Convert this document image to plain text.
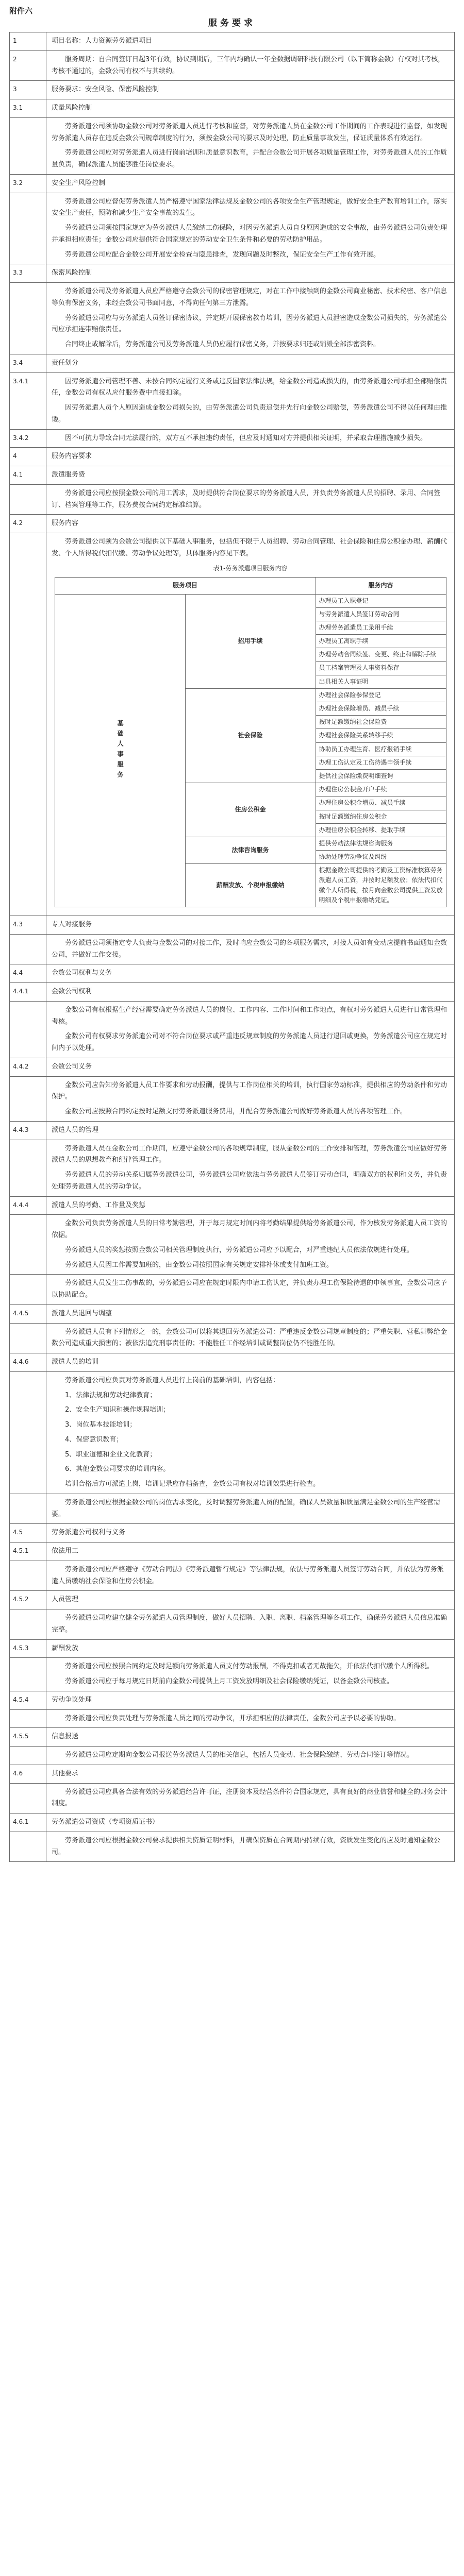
附件六
服务要求
1	项目名称：人力资源劳务派遣项目

2	服务周期：自合同签订日起3年有效，协议到期后，三年内均确认一年全数据调研科技有限公司（以下简称金数）有权对其考核，考核不通过的，金数公司有权不与其续约。

3	服务要求：安全风险、保密风险控制

3.1	质量风险控制

劳务派遣公司须协助金数公司对劳务派遣人员进行考核和监督，对劳务派遣人员在金数公司工作期间的工作表现进行监督，如发现劳务派遣人员存在违反金数公司规章制度的行为，须按金数公司的要求及时处理，防止质量事故发生，保证质量体系有效运行。

劳务派遣公司应对劳务派遣人员进行岗前培训和质量意识教育，并配合金数公司开展各项质量管理工作，对劳务派遣人员的工作质量负责，确保派遣人员能够胜任岗位要求。

3.2	安全生产风险控制

劳务派遣公司应督促劳务派遣人员严格遵守国家法律法规及金数公司的各项安全生产管理规定，做好安全生产教育培训工作，落实安全生产责任，预防和减少生产安全事故的发生。

劳务派遣公司须按国家规定为劳务派遣人员缴纳工伤保险，对因劳务派遣人员自身原因造成的安全事故，由劳务派遣公司负责处理并承担相应责任；金数公司应提供符合国家规定的劳动安全卫生条件和必要的劳动防护用品。

劳务派遣公司应配合金数公司开展安全检查与隐患排查，发现问题及时整改，保证安全生产工作有效开展。

3.3	保密风险控制

劳务派遣公司及劳务派遣人员应严格遵守金数公司的保密管理规定，对在工作中接触到的金数公司商业秘密、技术秘密、客户信息等负有保密义务，未经金数公司书面同意，不得向任何第三方泄露。

劳务派遣公司应与劳务派遣人员签订保密协议，并定期开展保密教育培训，因劳务派遣人员泄密造成金数公司损失的，劳务派遣公司应承担连带赔偿责任。

合同终止或解除后，劳务派遣公司及劳务派遣人员仍应履行保密义务，并按要求归还或销毁全部涉密资料。

3.4	责任划分

3.4.1	因劳务派遣公司管理不善、未按合同约定履行义务或违反国家法律法规，给金数公司造成损失的，由劳务派遣公司承担全部赔偿责任，金数公司有权从应付服务费中直接扣除。

因劳务派遣人员个人原因造成金数公司损失的，由劳务派遣公司负责追偿并先行向金数公司赔偿，劳务派遣公司不得以任何理由推诿。

3.4.2	因不可抗力导致合同无法履行的，双方互不承担违约责任，但应及时通知对方并提供相关证明，并采取合理措施减少损失。

4	服务内容要求

4.1	派遣服务费

劳务派遣公司应按照金数公司的用工需求，及时提供符合岗位要求的劳务派遣人员，并负责劳务派遣人员的招聘、录用、合同签订、档案管理等工作，服务费按合同约定标准结算。

4.2	服务内容

劳务派遣公司须为金数公司提供以下基础人事服务，包括但不限于人员招聘、劳动合同管理、社会保险和住房公积金办理、薪酬代发、个人所得税代扣代缴、劳动争议处理等，具体服务内容见下表。

表1-劳务派遣项目服务内容
服务项目	服务内容
基础人事服务	招用手续	办理员工入职登记
与劳务派遣人员签订劳动合同
办理劳务派遣员工录用手续
办理员工离职手续
办理劳动合同续签、变更、终止和解除手续
员工档案管理及人事资料保存
出具相关人事证明
社会保险	办理社会保险参保登记
办理社会保险增员、减员手续
按时足额缴纳社会保险费
办理社会保险关系转移手续
协助员工办理生育、医疗报销手续
办理工伤认定及工伤待遇申领手续
提供社会保险缴费明细查询
住房公积金	办理住房公积金开户手续
办理住房公积金增员、减员手续
按时足额缴纳住房公积金
办理住房公积金转移、提取手续
法律咨询服务	提供劳动法律法规咨询服务
协助处理劳动争议及纠纷
薪酬发放、个税申报缴纳	根据金数公司提供的考勤及工资标准核算劳务派遣人员工资，并按时足额发放；依法代扣代缴个人所得税，按月向金数公司提供工资发放明细及个税申报缴纳凭证。

4.3	专人对接服务

劳务派遣公司须指定专人负责与金数公司的对接工作，及时响应金数公司的各项服务需求，对接人员如有变动应提前书面通知金数公司，并做好工作交接。

4.4	金数公司权利与义务

4.4.1	金数公司权利

金数公司有权根据生产经营需要确定劳务派遣人员的岗位、工作内容、工作时间和工作地点，有权对劳务派遣人员进行日常管理和考核。

金数公司有权要求劳务派遣公司对不符合岗位要求或严重违反规章制度的劳务派遣人员进行退回或更换，劳务派遣公司应在规定时间内予以处理。

4.4.2	金数公司义务

金数公司应告知劳务派遣人员工作要求和劳动报酬，提供与工作岗位相关的培训，执行国家劳动标准，提供相应的劳动条件和劳动保护。

金数公司应按照合同约定按时足额支付劳务派遣服务费用，并配合劳务派遣公司做好劳务派遣人员的各项管理工作。

4.4.3	派遣人员的管理

劳务派遣人员在金数公司工作期间，应遵守金数公司的各项规章制度，服从金数公司的工作安排和管理，劳务派遣公司应做好劳务派遣人员的思想教育和纪律管理工作。

劳务派遣人员的劳动关系归属劳务派遣公司，劳务派遣公司应依法与劳务派遣人员签订劳动合同，明确双方的权利和义务，并负责处理劳务派遣人员的劳动争议。

4.4.4	派遣人员的考勤、工作量及奖惩

金数公司负责劳务派遣人员的日常考勤管理，并于每月规定时间内将考勤结果提供给劳务派遣公司，作为核发劳务派遣人员工资的依据。

劳务派遣人员的奖惩按照金数公司相关管理制度执行，劳务派遣公司应予以配合，对严重违纪人员依法依规进行处理。

劳务派遣人员因工作需要加班的，由金数公司按照国家有关规定安排补休或支付加班工资。

劳务派遣人员发生工伤事故的，劳务派遣公司应在规定时限内申请工伤认定，并负责办理工伤保险待遇的申领事宜，金数公司应予以协助配合。

4.4.5	派遣人员退回与调整

劳务派遣人员有下列情形之一的，金数公司可以将其退回劳务派遣公司：严重违反金数公司规章制度的；严重失职、营私舞弊给金数公司造成重大损害的；被依法追究刑事责任的；不能胜任工作经培训或调整岗位仍不能胜任的。

4.4.6	派遣人员的培训

劳务派遣公司应负责对劳务派遣人员进行上岗前的基础培训，内容包括：

1、法律法规和劳动纪律教育；

2、安全生产知识和操作规程培训；

3、岗位基本技能培训；

4、保密意识教育；

5、职业道德和企业文化教育；

6、其他金数公司要求的培训内容。

培训合格后方可派遣上岗，培训记录应存档备查，金数公司有权对培训效果进行检查。

劳务派遣公司应根据金数公司的岗位需求变化，及时调整劳务派遣人员的配置，确保人员数量和质量满足金数公司的生产经营需要。

4.5	劳务派遣公司权利与义务

4.5.1	依法用工

劳务派遣公司应严格遵守《劳动合同法》《劳务派遣暂行规定》等法律法规，依法与劳务派遣人员签订劳动合同，并依法为劳务派遣人员缴纳社会保险和住房公积金。

4.5.2	人员管理

劳务派遣公司应建立健全劳务派遣人员管理制度，做好人员招聘、入职、离职、档案管理等各项工作，确保劳务派遣人员信息准确完整。

4.5.3	薪酬发放

劳务派遣公司应按照合同约定及时足额向劳务派遣人员支付劳动报酬，不得克扣或者无故拖欠，并依法代扣代缴个人所得税。

劳务派遣公司应于每月规定日期前向金数公司提供上月工资发放明细及社会保险缴纳凭证，以备金数公司核查。

4.5.4	劳动争议处理

劳务派遣公司应负责处理与劳务派遣人员之间的劳动争议，并承担相应的法律责任，金数公司应予以必要的协助。

4.5.5	信息报送

劳务派遣公司应定期向金数公司报送劳务派遣人员的相关信息，包括人员变动、社会保险缴纳、劳动合同签订等情况。

4.6	其他要求

劳务派遣公司应具备合法有效的劳务派遣经营许可证，注册资本及经营条件符合国家规定，具有良好的商业信誉和健全的财务会计制度。

4.6.1	劳务派遣公司资质（专项资质证书）

劳务派遣公司应根据金数公司要求提供相关资质证明材料，并确保资质在合同期内持续有效，资质发生变化的应及时通知金数公司。
